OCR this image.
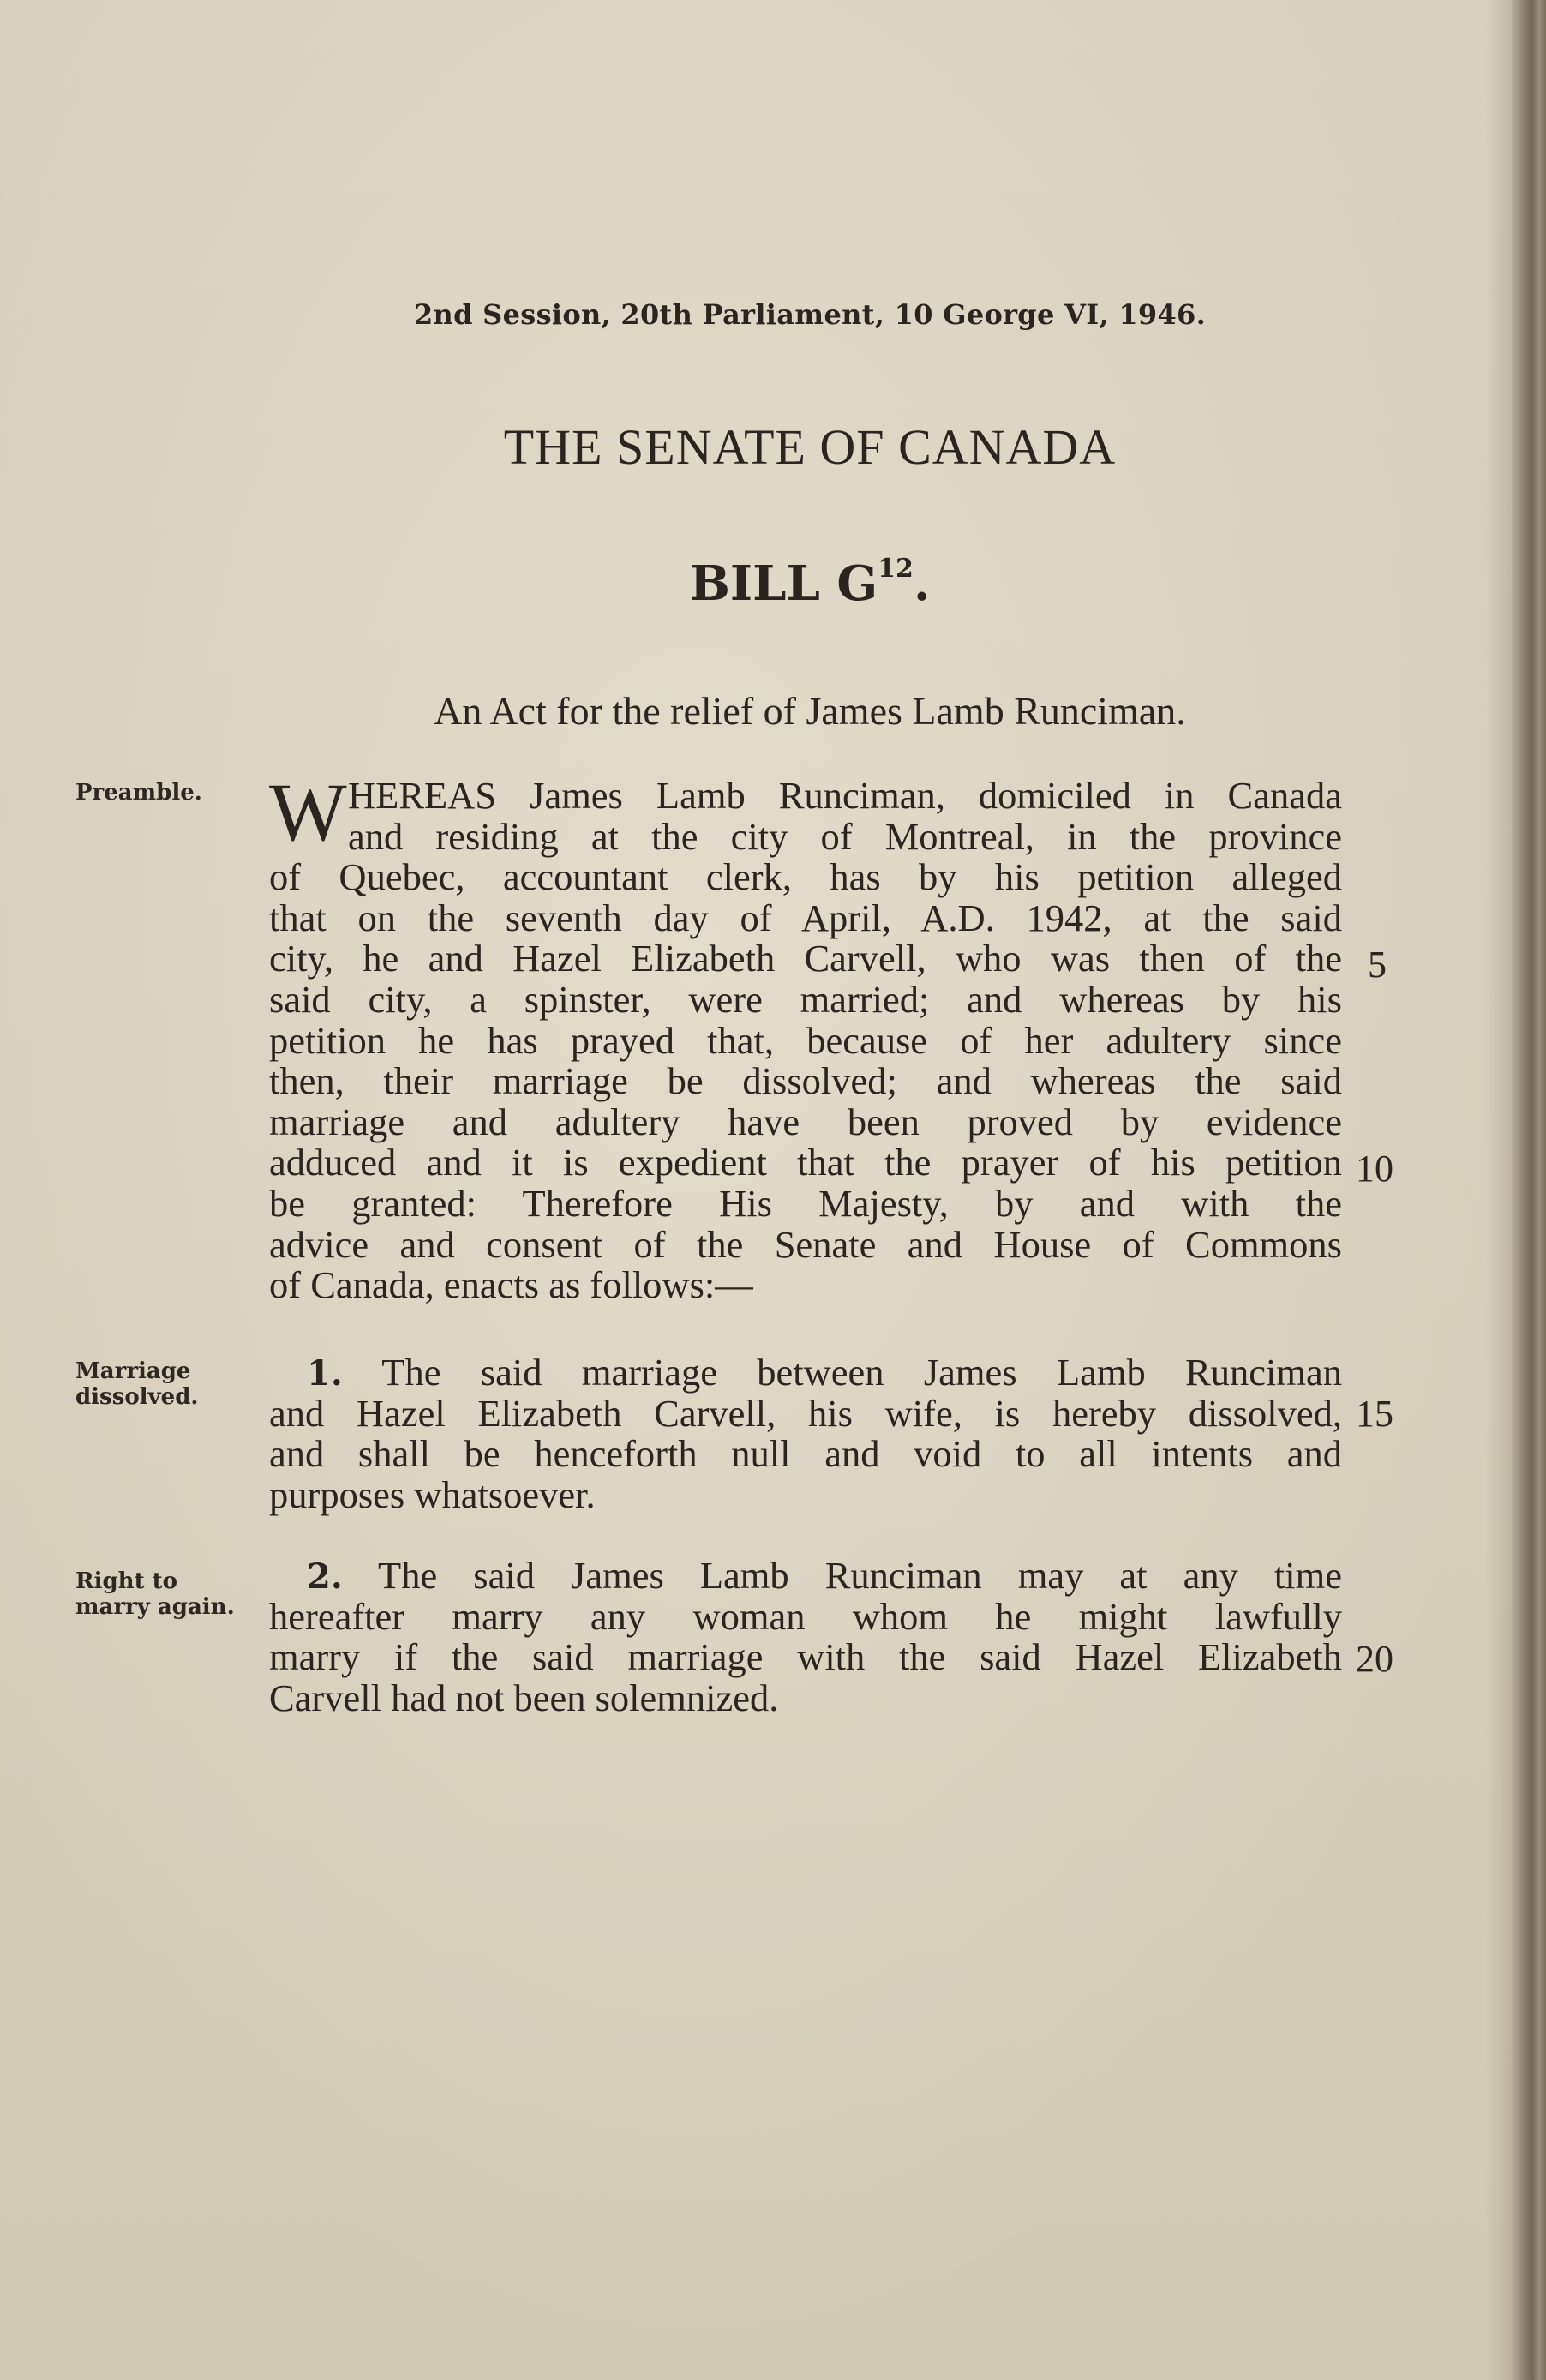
2nd Session, 20th Parliament, 10 George VI, 1946.
THE SENATE OF CANADA
BILL $G^{12}$.
An Act for the relief of James Lamb Runciman.
Preamble.
Marriage
dissolved.
Right to
marry again.
W HEREAS James Lamb Runciman, domiciled in Canada
and residing at the city of Montreal, in the province
of Quebec, accountant clerk, has by his petition alleged
that on the seventh day of April, A.D. 1942, at the said
city, he and Hazel Elizabeth Carvell, who was then of the
said city, a spinster, were married; and whereas by his
petition he has prayed that, because of her adultery since
then, their marriage be dissolved; and whereas the said
marriage and adultery have been proved by evidence
adduced and it is expedient that the prayer of his petition
be granted: Therefore His Majesty, by and with the
advice and consent of the Senate and House of Commons
of Canada, enacts as follows:—
1. The said marriage between James Lamb Runciman
and Hazel Elizabeth Carvell, his wife, is hereby dissolved,
and shall be henceforth null and void to all intents and
purposes whatsoever.
2. The said James Lamb Runciman may at any time
hereafter marry any woman whom he might lawfully
marry if the said marriage with the said Hazel Elizabeth
Carvell had not been solemnized.
5
10
15
20
